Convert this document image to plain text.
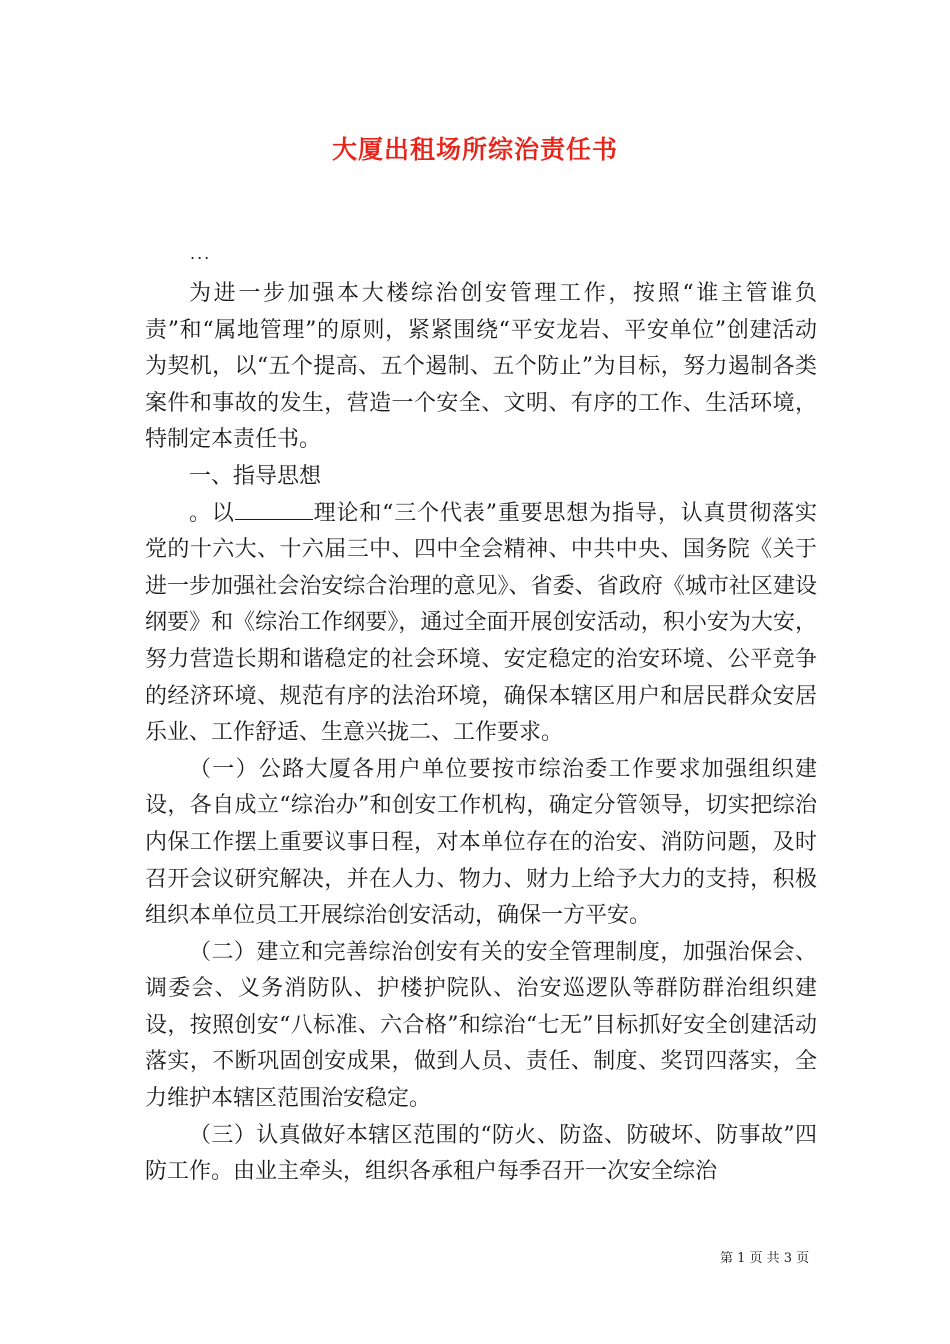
大厦出租场所综治责任书
...

为进一步加强本大楼综治创安管理工作，按照“谁主管谁负责”和“属地管理”的原则，紧紧围绕“平安龙岩、平安单位”创建活动为契机，以“五个提高、五个遏制、五个防止”为目标，努力遏制各类案件和事故的发生，营造一个安全、文明、有序的工作、生活环境，特制定本责任书。

一、指导思想

。以	理论和“三个代表”重要思想为指导，认真贯彻落实党的十六大、十六届三中、四中全会精神、中共中央、国务院《关于进一步加强社会治安综合治理的意见》、省委、省政府《城市社区建设纲要》和《综治工作纲要》，通过全面开展创安活动，积小安为大安，努力营造长期和谐稳定的社会环境、安定稳定的治安环境、公平竞争的经济环境、规范有序的法治环境，确保本辖区用户和居民群众安居乐业、工作舒适、生意兴拢二、工作要求。

（一）公路大厦各用户单位要按市综治委工作要求加强组织建设，各自成立“综治办”和创安工作机构，确定分管领导，切实把综治内保工作摆上重要议事日程，对本单位存在的治安、消防问题，及时召开会议研究解决，并在人力、物力、财力上给予大力的支持，积极组织本单位员工开展综治创安活动，确保一方平安。

（二）建立和完善综治创安有关的安全管理制度，加强治保会、调委会、义务消防队、护楼护院队、治安巡逻队等群防群治组织建设，按照创安“八标准、六合格”和综治“七无”目标抓好安全创建活动落实，不断巩固创安成果，做到人员、责任、制度、奖罚四落实，全力维护本辖区范围治安稳定。

（三）认真做好本辖区范围的“防火、防盗、防破坏、防事故”四防工作。由业主牵头，组织各承租户每季召开一次安全综治

第 1 页 共 3 页
